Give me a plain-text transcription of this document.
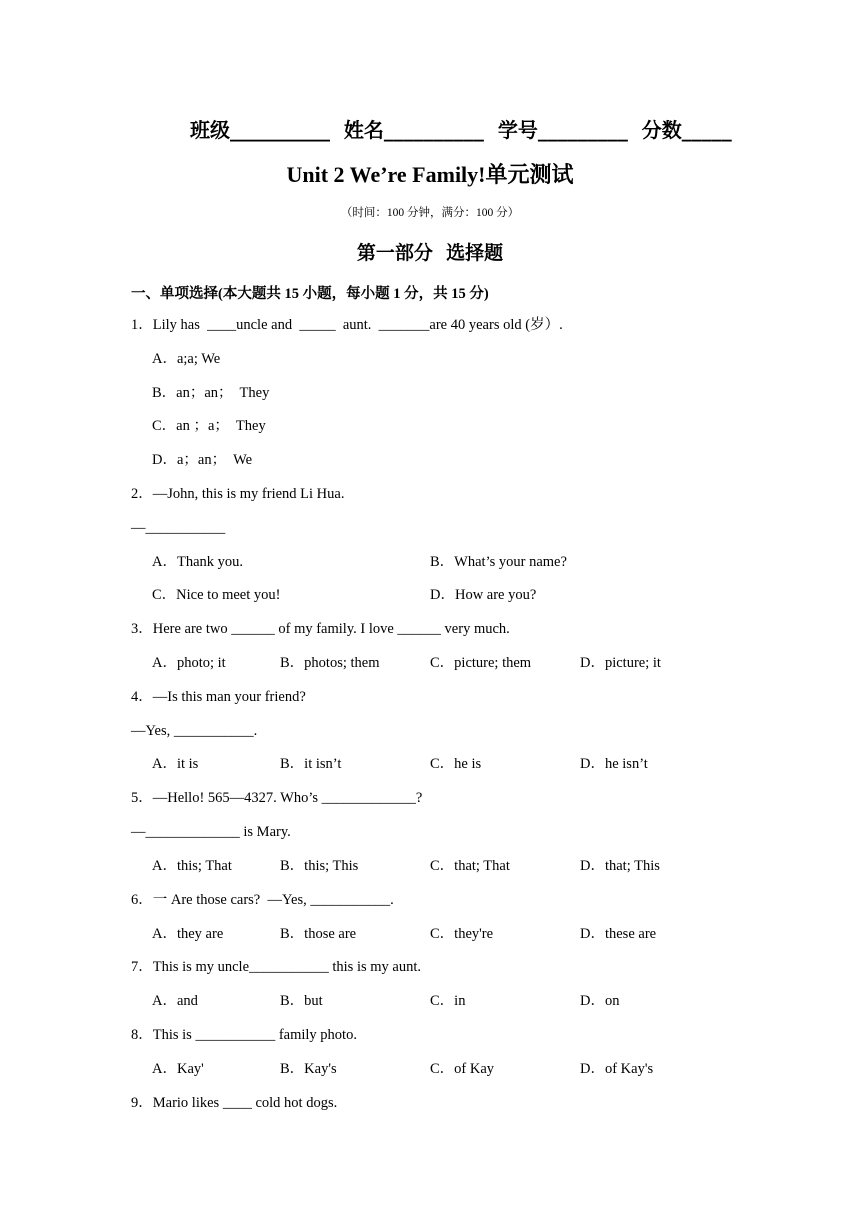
班级__________  姓名__________  学号_________  分数_____
Unit 2 We’re Family!单元测试
（时间：100 分钟，满分：100 分）
第一部分  选择题
一、单项选择(本大题共 15 小题，每小题 1 分，共 15 分)
1．Lily has  ____uncle and  _____  aunt.  _______are 40 years old (岁）.
A．a;a; We
B．an；an；  They
C．an ；a；  They
D．a；an；  We
2．—John, this is my friend Li Hua.
—___________
A．Thank you.	B．What’s your name?
C．Nice to meet you!	D．How are you?
3．Here are two ______ of my family. I love ______ very much.
A．photo; it	B．photos; them	C．picture; them	D．picture; it
4．—Is this man your friend?
—Yes, ___________.
A．it is	B．it isn’t	C．he is	D．he isn’t
5．—Hello! 565—4327. Who’s _____________?
—_____________ is Mary.
A．this; That	B．this; This	C．that; That	D．that; This
6．一 Are those cars?  —Yes, ___________.
A．they are	B．those are	C．they're	D．these are
7．This is my uncle___________ this is my aunt.
A．and	B．but	C．in	D．on
8．This is ___________ family photo.
A．Kay'	B．Kay's	C．of Kay	D．of Kay's
9．Mario likes ____ cold hot dogs.
